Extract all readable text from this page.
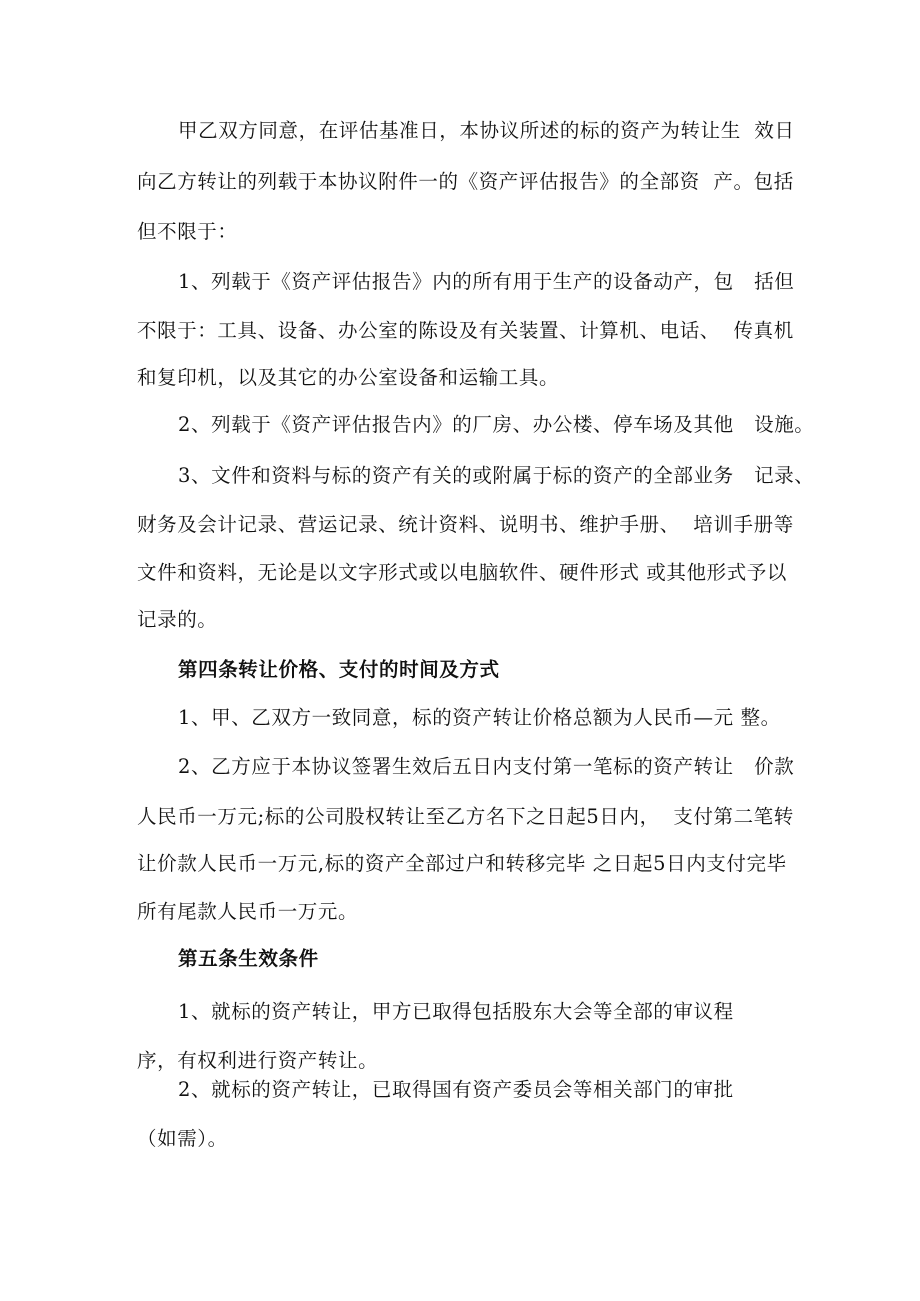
甲乙双方同意，在评估基准日，本协议所述的标的资产为转让生  效日
向乙方转让的列载于本协议附件一的《资产评估报告》的全部资  产。包括
但不限于：
1、列载于《资产评估报告》内的所有用于生产的设备动产，包   括但
不限于：工具、设备、办公室的陈设及有关装置、计算机、电话、  传真机
和复印机，以及其它的办公室设备和运输工具。
2、列载于《资产评估报告内》的厂房、办公楼、停车场及其他   设施。
3、文件和资料与标的资产有关的或附属于标的资产的全部业务   记录、
财务及会计记录、营运记录、统计资料、说明书、维护手册、  培训手册等
文件和资料，无论是以文字形式或以电脑软件、硬件形式 或其他形式予以
记录的。
第四条转让价格、支付的时间及方式
1、甲、乙双方一致同意，标的资产转让价格总额为人民币—元 整。
2、乙方应于本协议签署生效后五日内支付第一笔标的资产转让   价款
人民币一万元;标的公司股权转让至乙方名下之日起5日内，  支付第二笔转
让价款人民币一万元,标的资产全部过户和转移完毕 之日起5日内支付完毕
所有尾款人民币一万元。
第五条生效条件
1、就标的资产转让，甲方已取得包括股东大会等全部的审议程
序，有权利进行资产转让。
2、就标的资产转让，已取得国有资产委员会等相关部门的审批
（如需）。
